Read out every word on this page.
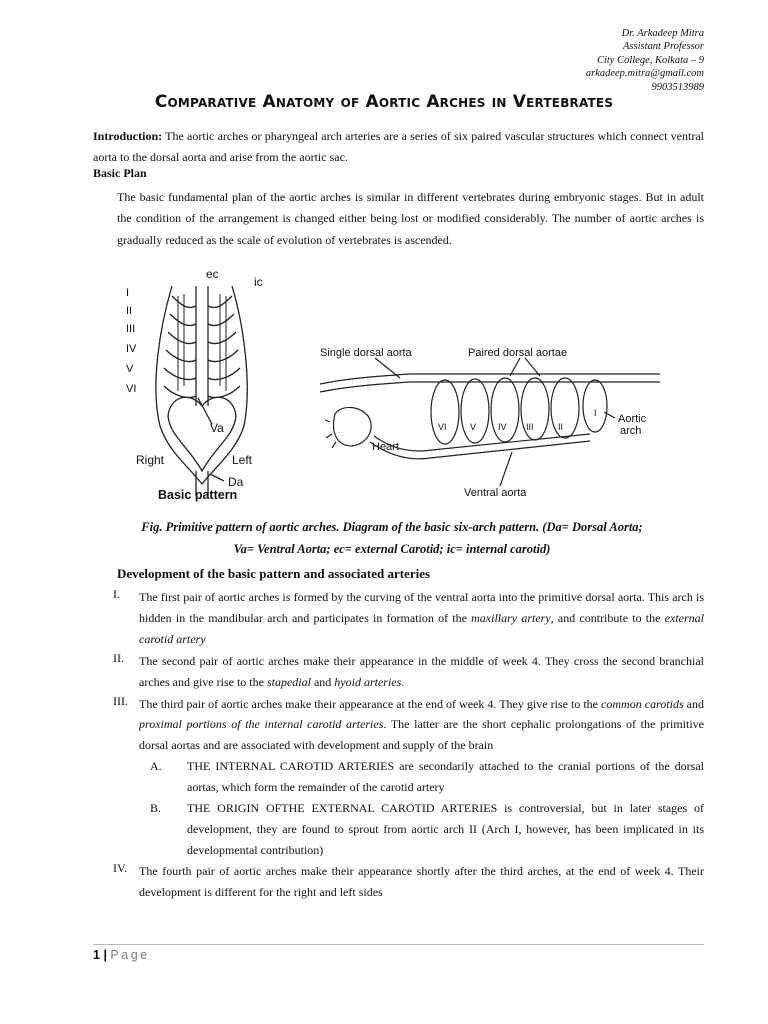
Dr. Arkadeep Mitra
Assistant Professor
City College, Kolkata – 9
arkadeep.mitra@gmail.com
9903513989
Comparative Anatomy of Aortic Arches in Vertebrates
Introduction: The aortic arches or pharyngeal arch arteries are a series of six paired vascular structures which connect ventral aorta to the dorsal aorta and arise from the aortic sac.
Basic Plan
The basic fundamental plan of the aortic arches is similar in different vertebrates during embryonic stages. But in adult the condition of the arrangement is changed either being lost or modified considerably. The number of aortic arches is gradually reduced as the scale of evolution of vertebrates is ascended.
I
II
III
IV
V
VI
ec
ic
Va
Right	Left
Da
Basic pattern
Single dorsal aorta	Paired dorsal aortae
Heart
Ventral aorta
Aortic
arch
VI	V IV III	II
I
Fig. Primitive pattern of aortic arches. Diagram of the basic six-arch pattern. (Da= Dorsal Aorta;
Va= Ventral Aorta; ec= external Carotid; ic= internal carotid)
Development of the basic pattern and associated arteries
I.	The first pair of aortic arches is formed by the curving of the ventral aorta into the primitive dorsal aorta. This arch is hidden in the mandibular arch and participates in formation of the maxillary artery, and contribute to the external carotid artery
II.	The second pair of aortic arches make their appearance in the middle of week 4. They cross the second branchial arches and give rise to the stapedial and hyoid arteries.
III. The third pair of aortic arches make their appearance at the end of week 4. They give rise to the common carotids and proximal portions of the internal carotid arteries. The latter are the short cephalic prolongations of the primitive dorsal aortas and are associated with development and supply of the brain
A.	THE INTERNAL CAROTID ARTERIES are secondarily attached to the cranial portions of the dorsal aortas, which form the remainder of the carotid artery
B.	THE ORIGIN OFTHE EXTERNAL CAROTID ARTERIES is controversial, but in later stages of development, they are found to sprout from aortic arch II (Arch I, however, has been implicated in its developmental contribution)
IV. The fourth pair of aortic arches make their appearance shortly after the third arches, at the end of week 4. Their development is different for the right and left sides
1 | Page
